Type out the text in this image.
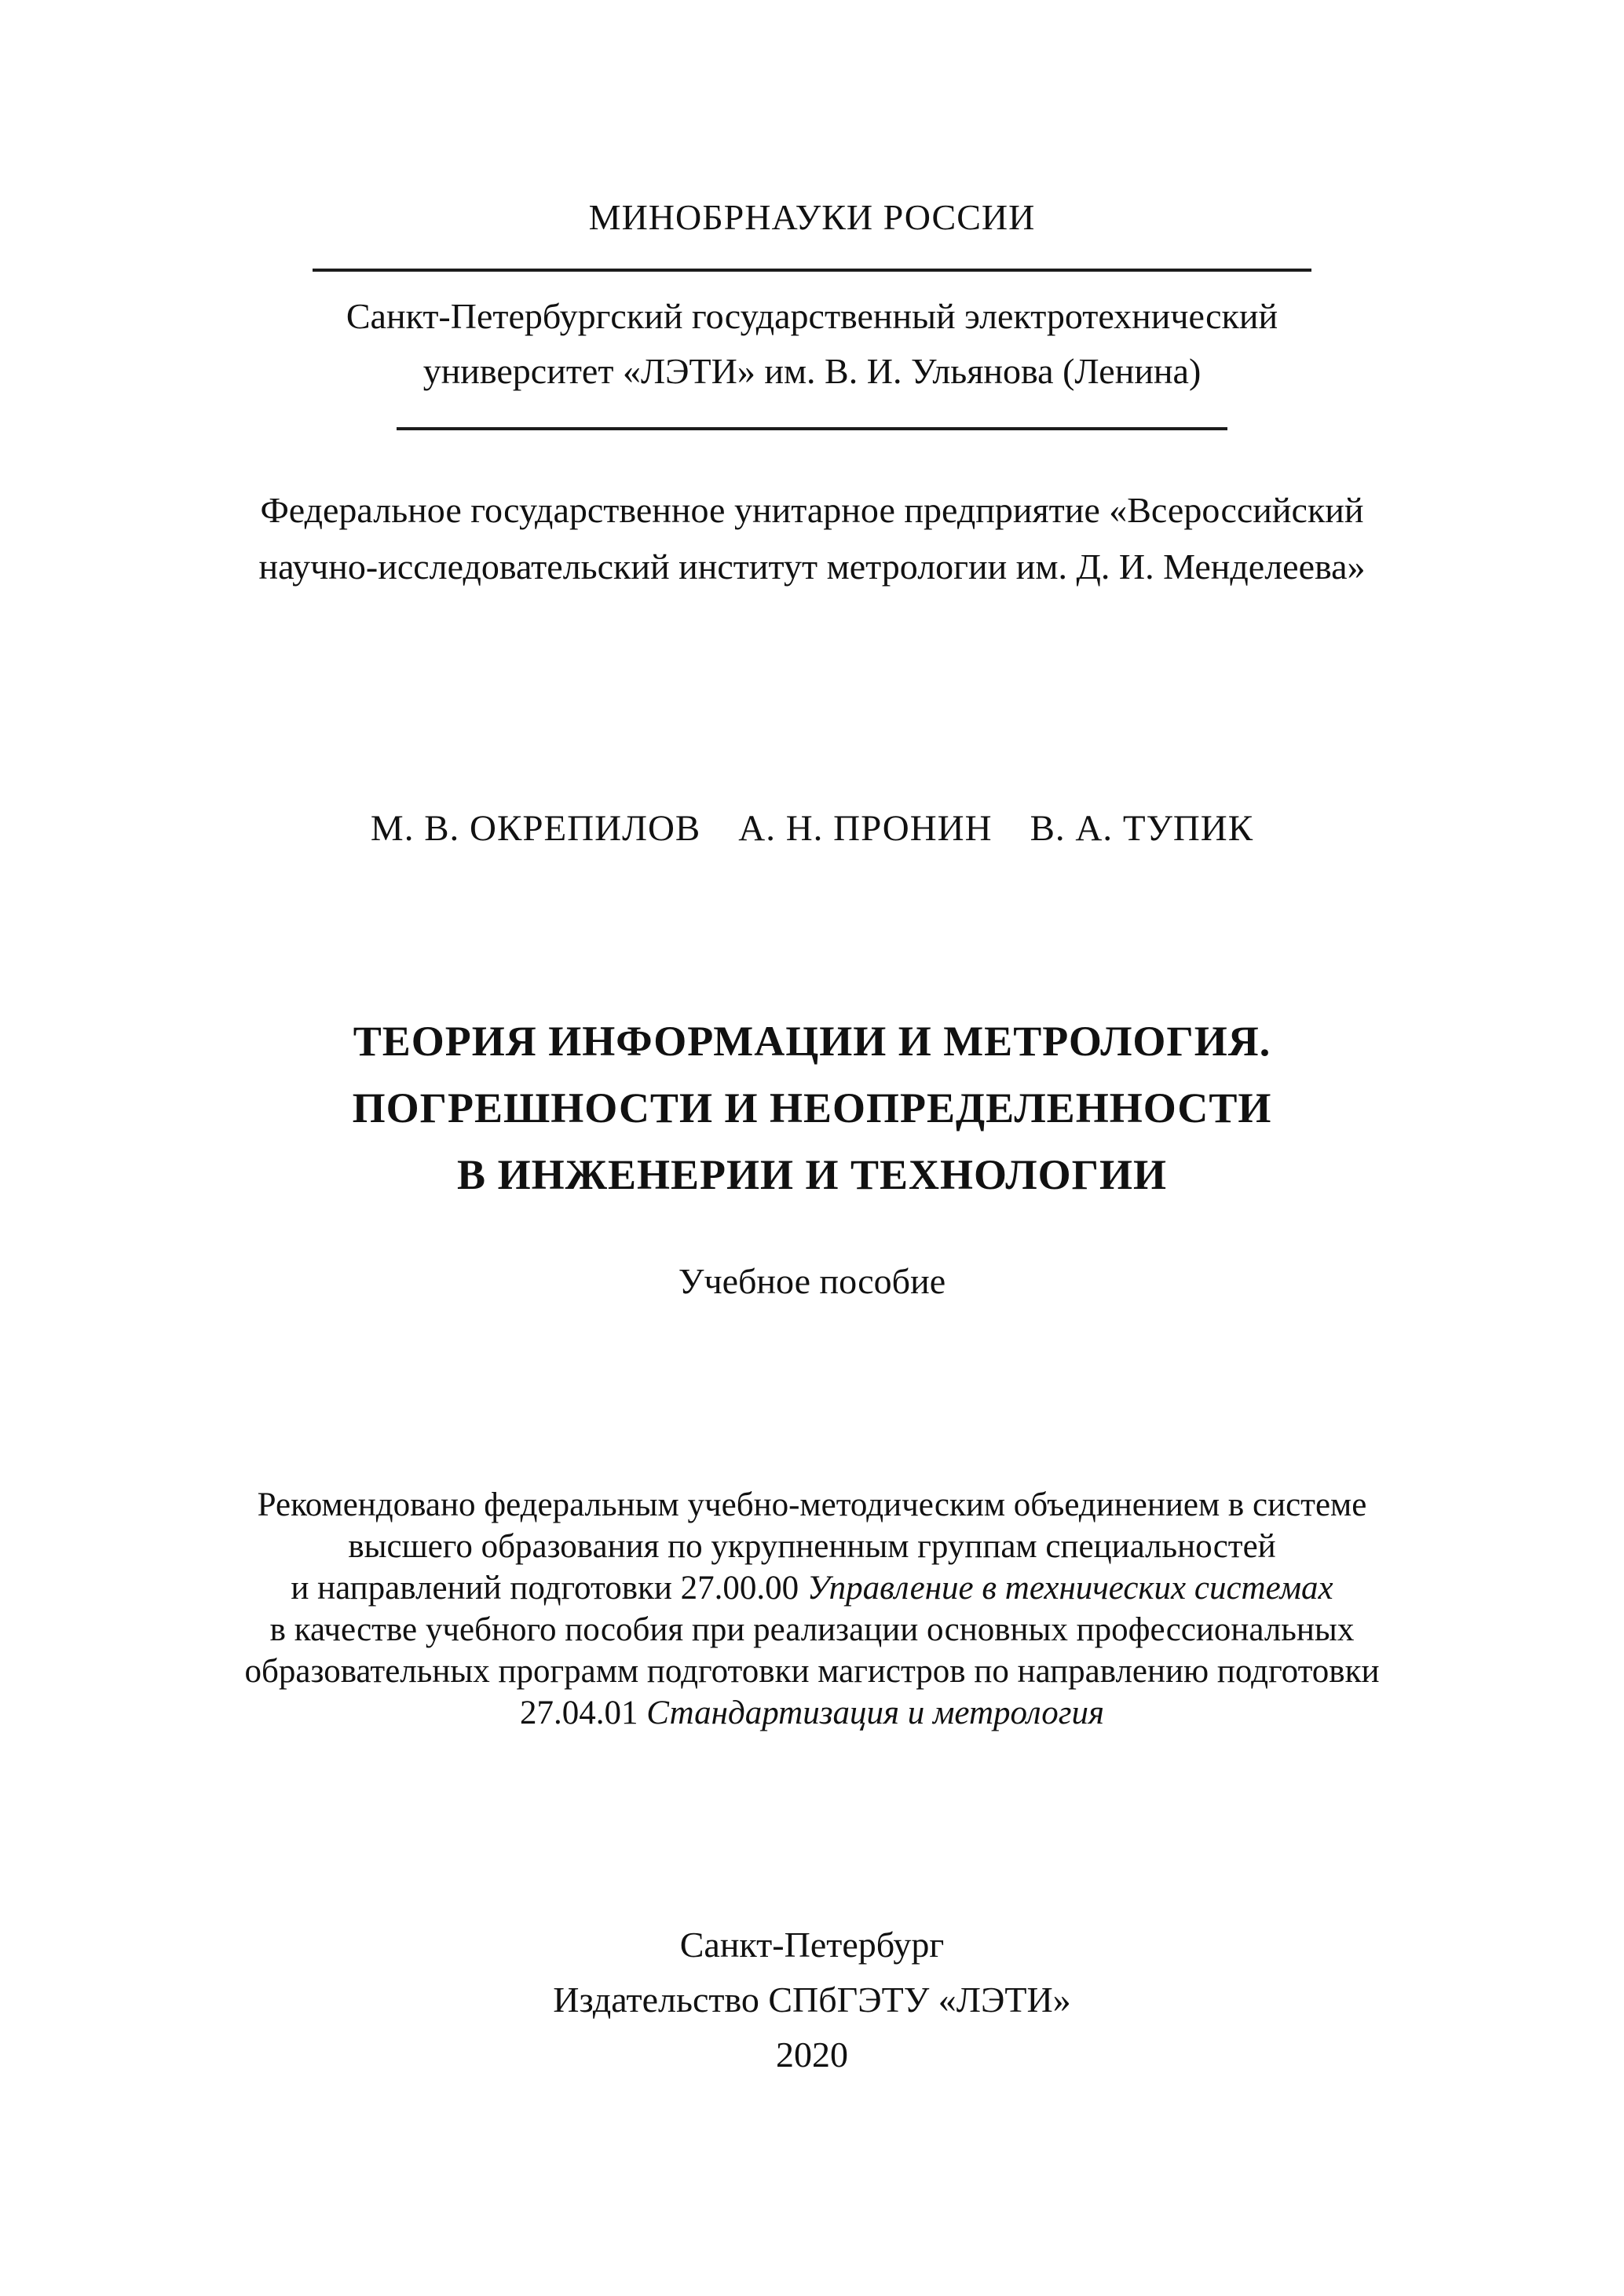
МИНОБРНАУКИ РОССИИ
Санкт-Петербургский государственный электротехнический
университет «ЛЭТИ» им. В. И. Ульянова (Ленина)
Федеральное государственное унитарное предприятие «Всероссийский
научно-исследовательский институт метрологии им. Д. И. Менделеева»
М. В. ОКРЕПИЛОВ А. Н. ПРОНИН В. А. ТУПИК
ТЕОРИЯ ИНФОРМАЦИИ И МЕТРОЛОГИЯ.
ПОГРЕШНОСТИ И НЕОПРЕДЕЛЕННОСТИ
В ИНЖЕНЕРИИ И ТЕХНОЛОГИИ
Учебное пособие
Рекомендовано федеральным учебно-методическим объединением в системе
высшего образования по укрупненным группам специальностей
и направлений подготовки 27.00.00 Управление в технических системах
в качестве учебного пособия при реализации основных профессиональных
образовательных программ подготовки магистров по направлению подготовки
27.04.01 Стандартизация и метрология
Санкт-Петербург
Издательство СПбГЭТУ «ЛЭТИ»
2020
